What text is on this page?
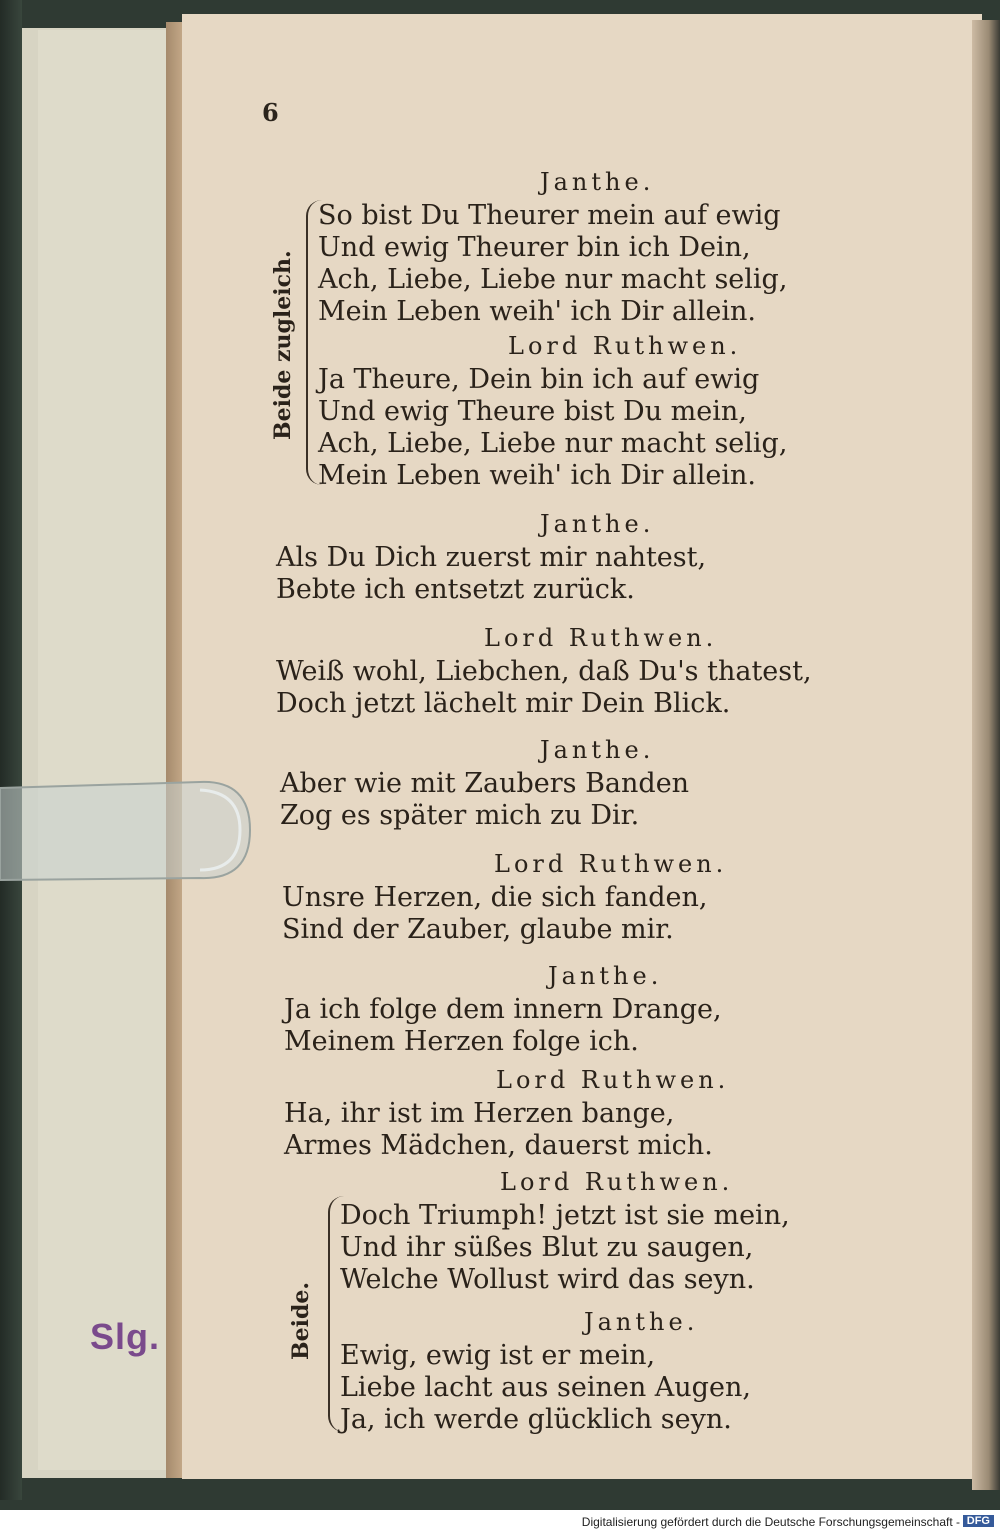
Slg.
6
Beide zugleich.
Janthe.
So bist Du Theurer mein auf ewig
Und ewig Theurer bin ich Dein,
Ach, Liebe, Liebe nur macht selig,
Mein Leben weih' ich Dir allein.
Lord Ruthwen.
Ja Theure, Dein bin ich auf ewig
Und ewig Theure bist Du mein,
Ach, Liebe, Liebe nur macht selig,
Mein Leben weih' ich Dir allein.
Janthe.
Als Du Dich zuerst mir nahtest,
Bebte ich entsetzt zurück.
Lord Ruthwen.
Weiß wohl, Liebchen, daß Du's thatest,
Doch jetzt lächelt mir Dein Blick.
Janthe.
Aber wie mit Zaubers Banden
Zog es später mich zu Dir.
Lord Ruthwen.
Unsre Herzen, die sich fanden,
Sind der Zauber, glaube mir.
Janthe.
Ja ich folge dem innern Drange,
Meinem Herzen folge ich.
Lord Ruthwen.
Ha, ihr ist im Herzen bange,
Armes Mädchen, dauerst mich.
Beide.
Lord Ruthwen.
Doch Triumph! jetzt ist sie mein,
Und ihr süßes Blut zu saugen,
Welche Wollust wird das seyn.
Janthe.
Ewig, ewig ist er mein,
Liebe lacht aus seinen Augen,
Ja, ich werde glücklich seyn.
Digitalisierung gefördert durch die Deutsche Forschungsgemeinschaft - DFG
